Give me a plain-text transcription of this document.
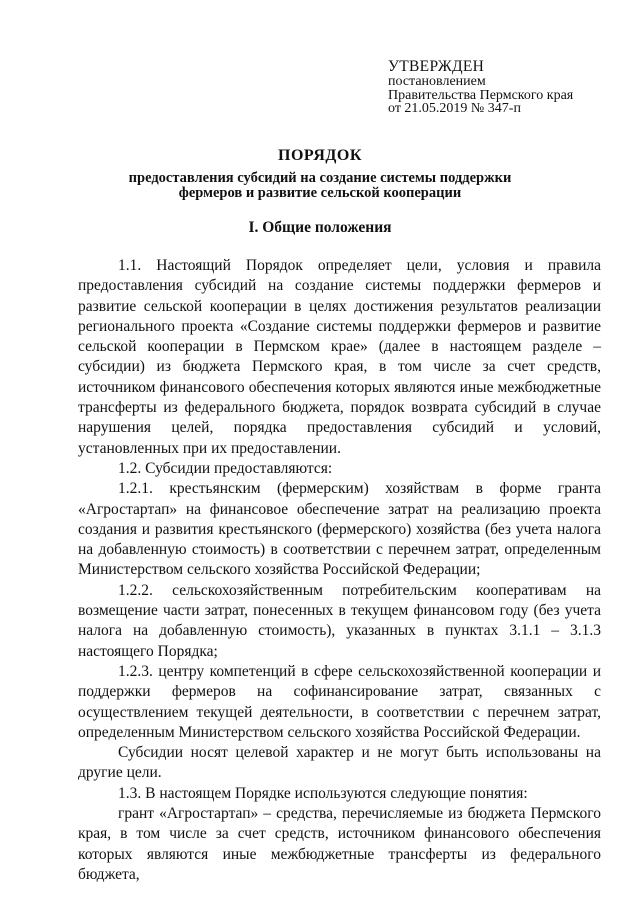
УТВЕРЖДЕН
постановлением
Правительства Пермского края
от 21.05.2019 № 347-п
ПОРЯДОК
предоставления субсидий на создание системы поддержки
фермеров и развитие сельской кооперации
I. Общие положения

1.1. Настоящий Порядок определяет цели, условия и правила предоставления субсидий на создание системы поддержки фермеров и развитие сельской кооперации в целях достижения результатов реализации регионального проекта «Создание системы поддержки фермеров и развитие сельской кооперации в Пермском крае» (далее в настоящем разделе – субсидии) из бюджета Пермского края, в том числе за счет средств, источником финансового обеспечения которых являются иные межбюджетные трансферты из федерального бюджета, порядок возврата субсидий в случае нарушения целей, порядка предоставления субсидий и условий, установленных при их предоставлении.

1.2. Субсидии предоставляются:

1.2.1. крестьянским (фермерским) хозяйствам в форме гранта «Агростартап» на финансовое обеспечение затрат на реализацию проекта создания и развития крестьянского (фермерского) хозяйства (без учета налога на добавленную стоимость) в соответствии с перечнем затрат, определенным Министерством сельского хозяйства Российской Федерации;

1.2.2. сельскохозяйственным потребительским кооперативам на возмещение части затрат, понесенных в текущем финансовом году (без учета налога на добавленную стоимость), указанных в пунктах 3.1.1 – 3.1.3 настоящего Порядка;

1.2.3. центру компетенций в сфере сельскохозяйственной кооперации и поддержки фермеров на софинансирование затрат, связанных с осуществлением текущей деятельности, в соответствии с перечнем затрат, определенным Министерством сельского хозяйства Российской Федерации.

Субсидии носят целевой характер и не могут быть использованы на другие цели.

1.3. В настоящем Порядке используются следующие понятия:

грант «Агростартап» – средства, перечисляемые из бюджета Пермского края, в том числе за счет средств, источником финансового обеспечения которых являются иные межбюджетные трансферты из федерального бюджета,
